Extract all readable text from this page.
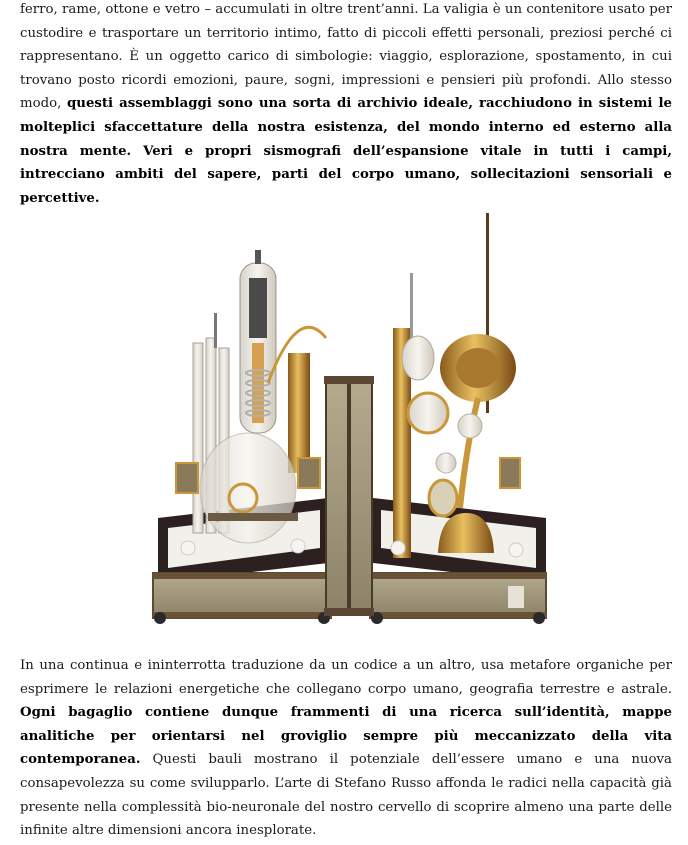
ferro, rame, ottone e vetro – accumulati in oltre trent’anni. La valigia è un contenitore usato per custodire e trasportare un territorio intimo, fatto di piccoli effetti personali, preziosi perché ci rappresentano. È un oggetto carico di simbologie: viaggio, esplorazione, spostamento, in cui trovano posto ricordi emozioni, paure, sogni, impressioni e pensieri più profondi. Allo stesso modo, questi assemblaggi sono una sorta di archivio ideale, racchiudono in sistemi le molteplici sfaccettature della nostra esistenza, del mondo interno ed esterno alla nostra mente. Veri e propri sismografi dell’espansione vitale in tutti i campi, intrecciano ambiti del sapere, parti del corpo umano, sollecitazioni sensoriali e percettive.

In una continua e ininterrotta traduzione da un codice a un altro, usa metafore organiche per esprimere le relazioni energetiche che collegano corpo umano, geografia terrestre e astrale. Ogni bagaglio contiene dunque frammenti di una ricerca sull’identità, mappe analitiche per orientarsi nel groviglio sempre più meccanizzato della vita contemporanea. Questi bauli mostrano il potenziale dell’essere umano e una nuova consapevolezza su come svilupparlo. L’arte di Stefano Russo affonda le radici nella capacità già presente nella complessità bio-neuronale del nostro cervello di scoprire almeno una parte delle infinite altre dimensioni ancora inesplorate.
